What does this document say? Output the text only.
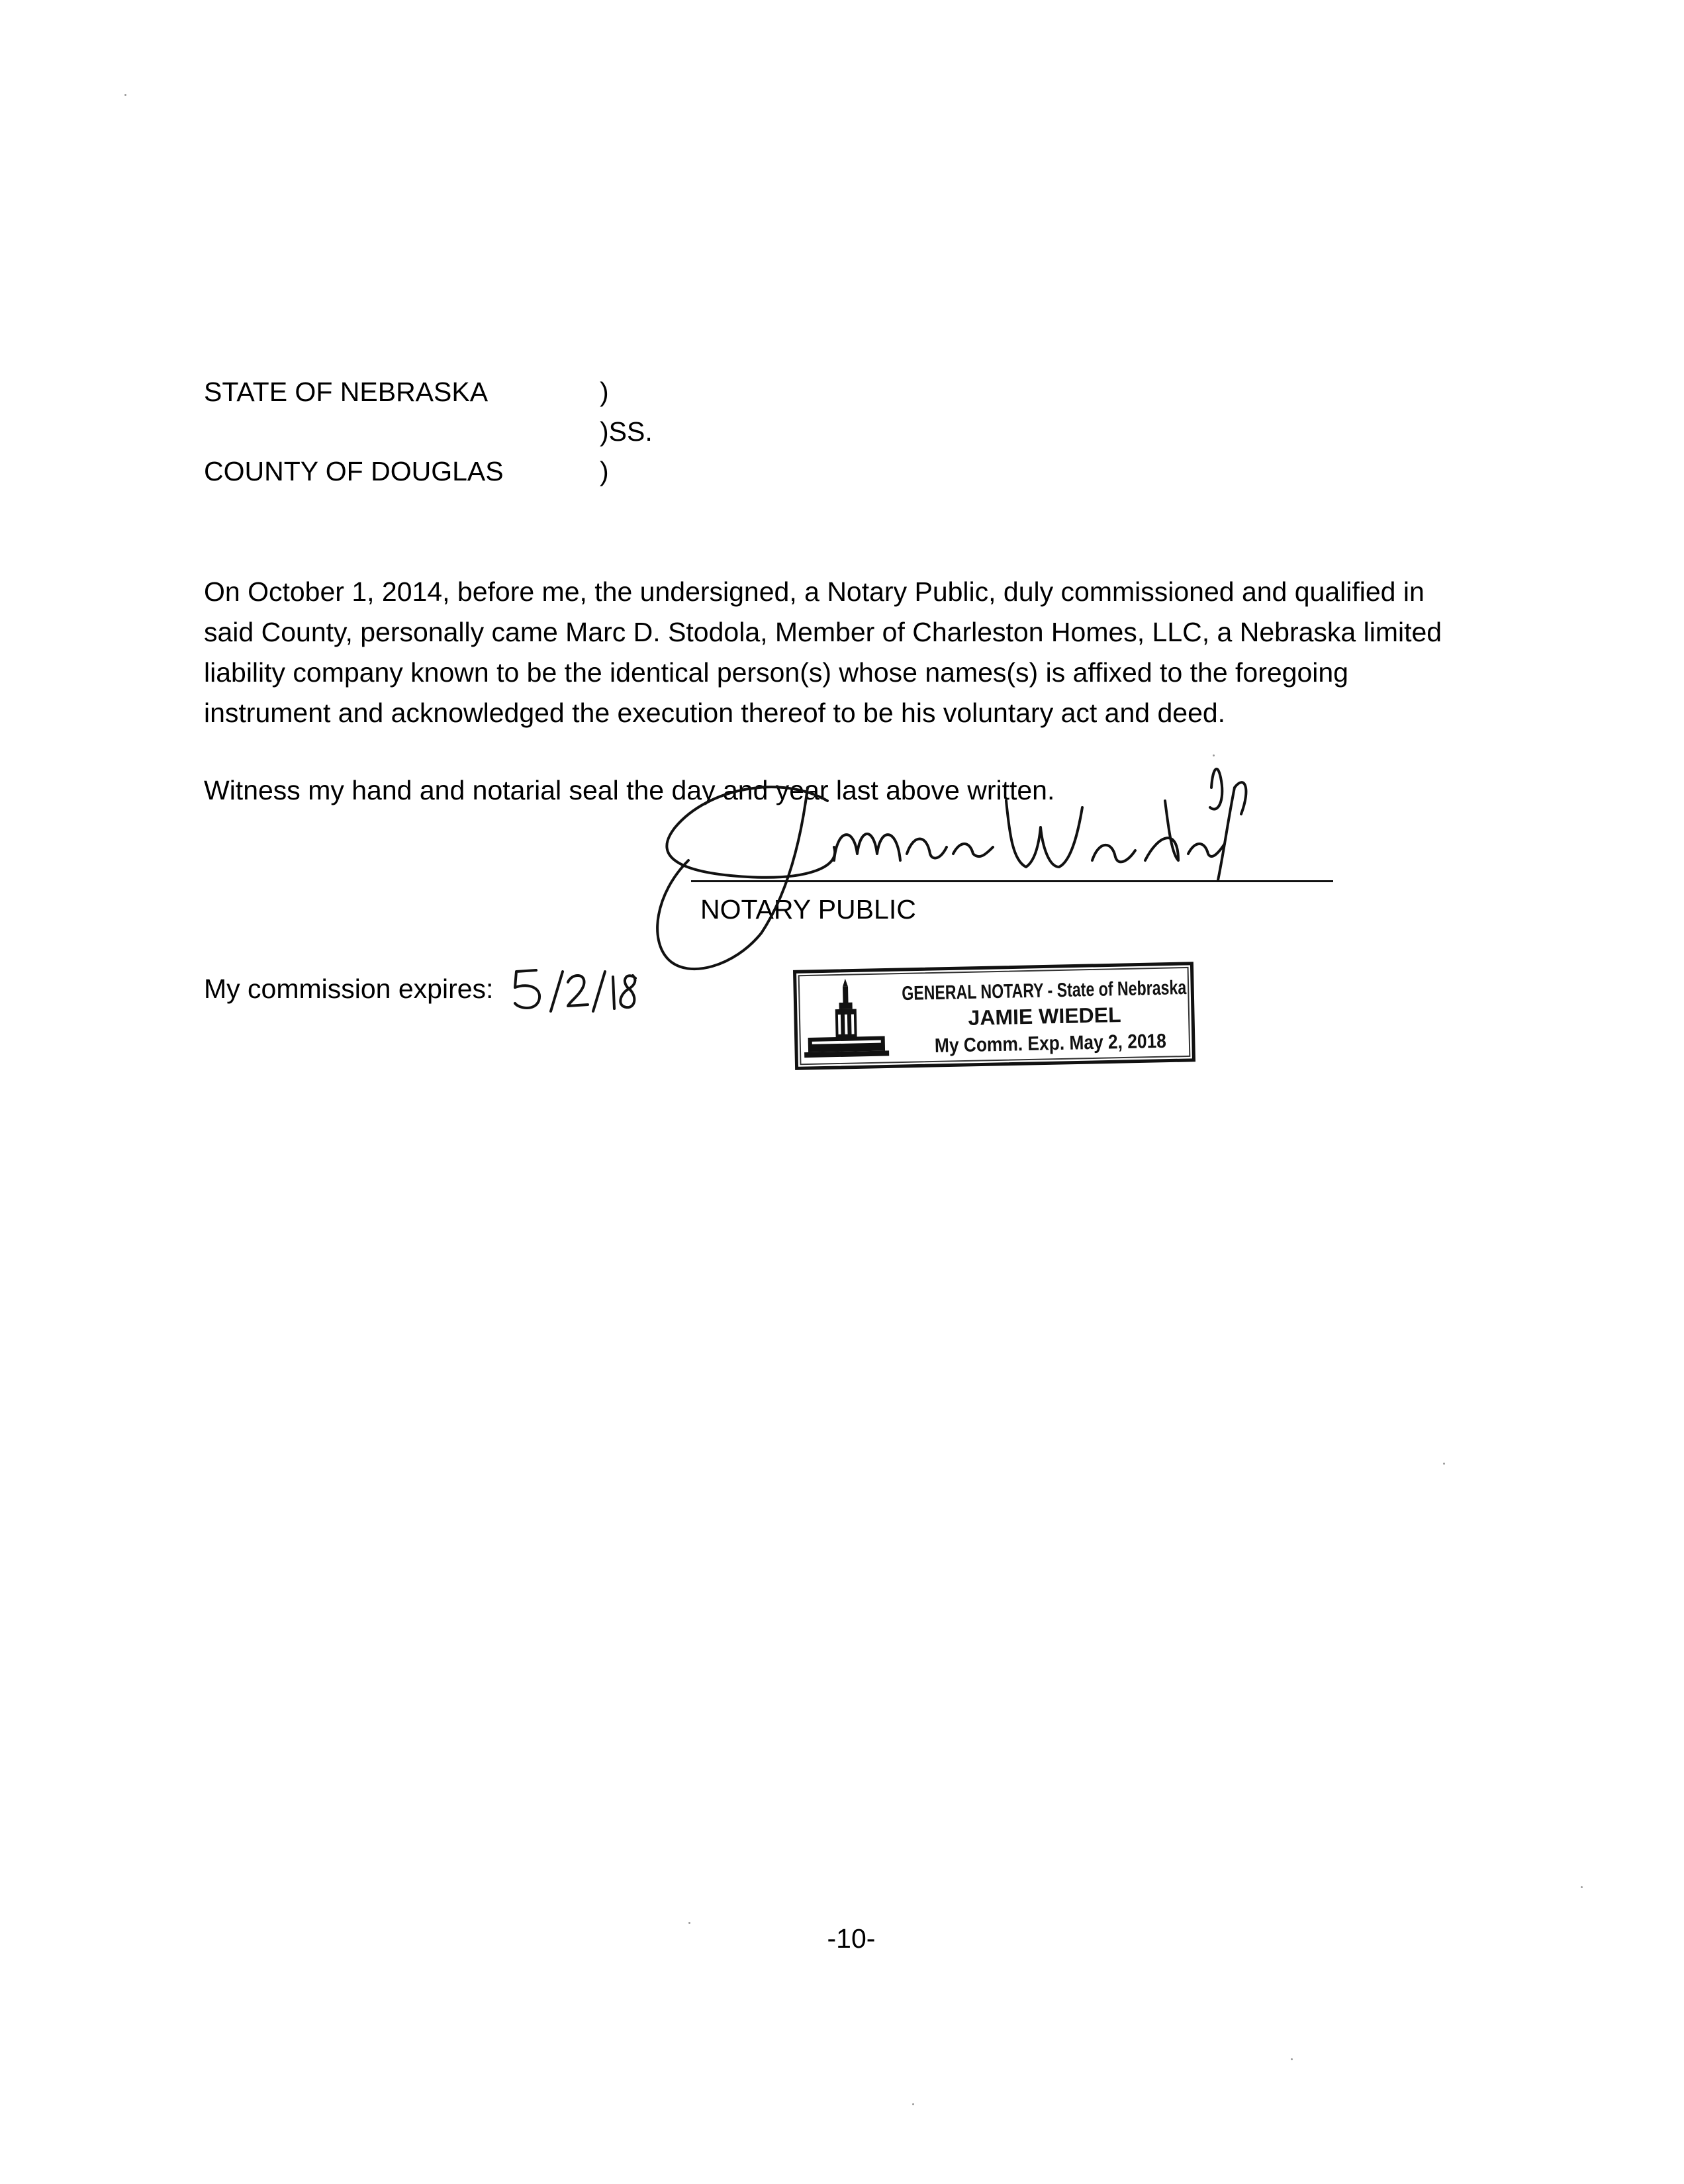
STATE OF NEBRASKA	)
)SS.
COUNTY OF DOUGLAS	)
On October 1, 2014, before me, the undersigned, a Notary Public, duly commissioned and qualified in
said County, personally came Marc D. Stodola, Member of Charleston Homes, LLC, a Nebraska limited
liability company known to be the identical person(s) whose names(s) is affixed to the foregoing
instrument and acknowledged the execution thereof to be his voluntary act and deed.
Witness my hand and notarial seal the day and year last above written.
NOTARY PUBLIC
My commission expires:	GENERAL NOTARY - State of Nebraska
JAMIE WIEDEL
My Comm. Exp. May 2, 2018
-10-
